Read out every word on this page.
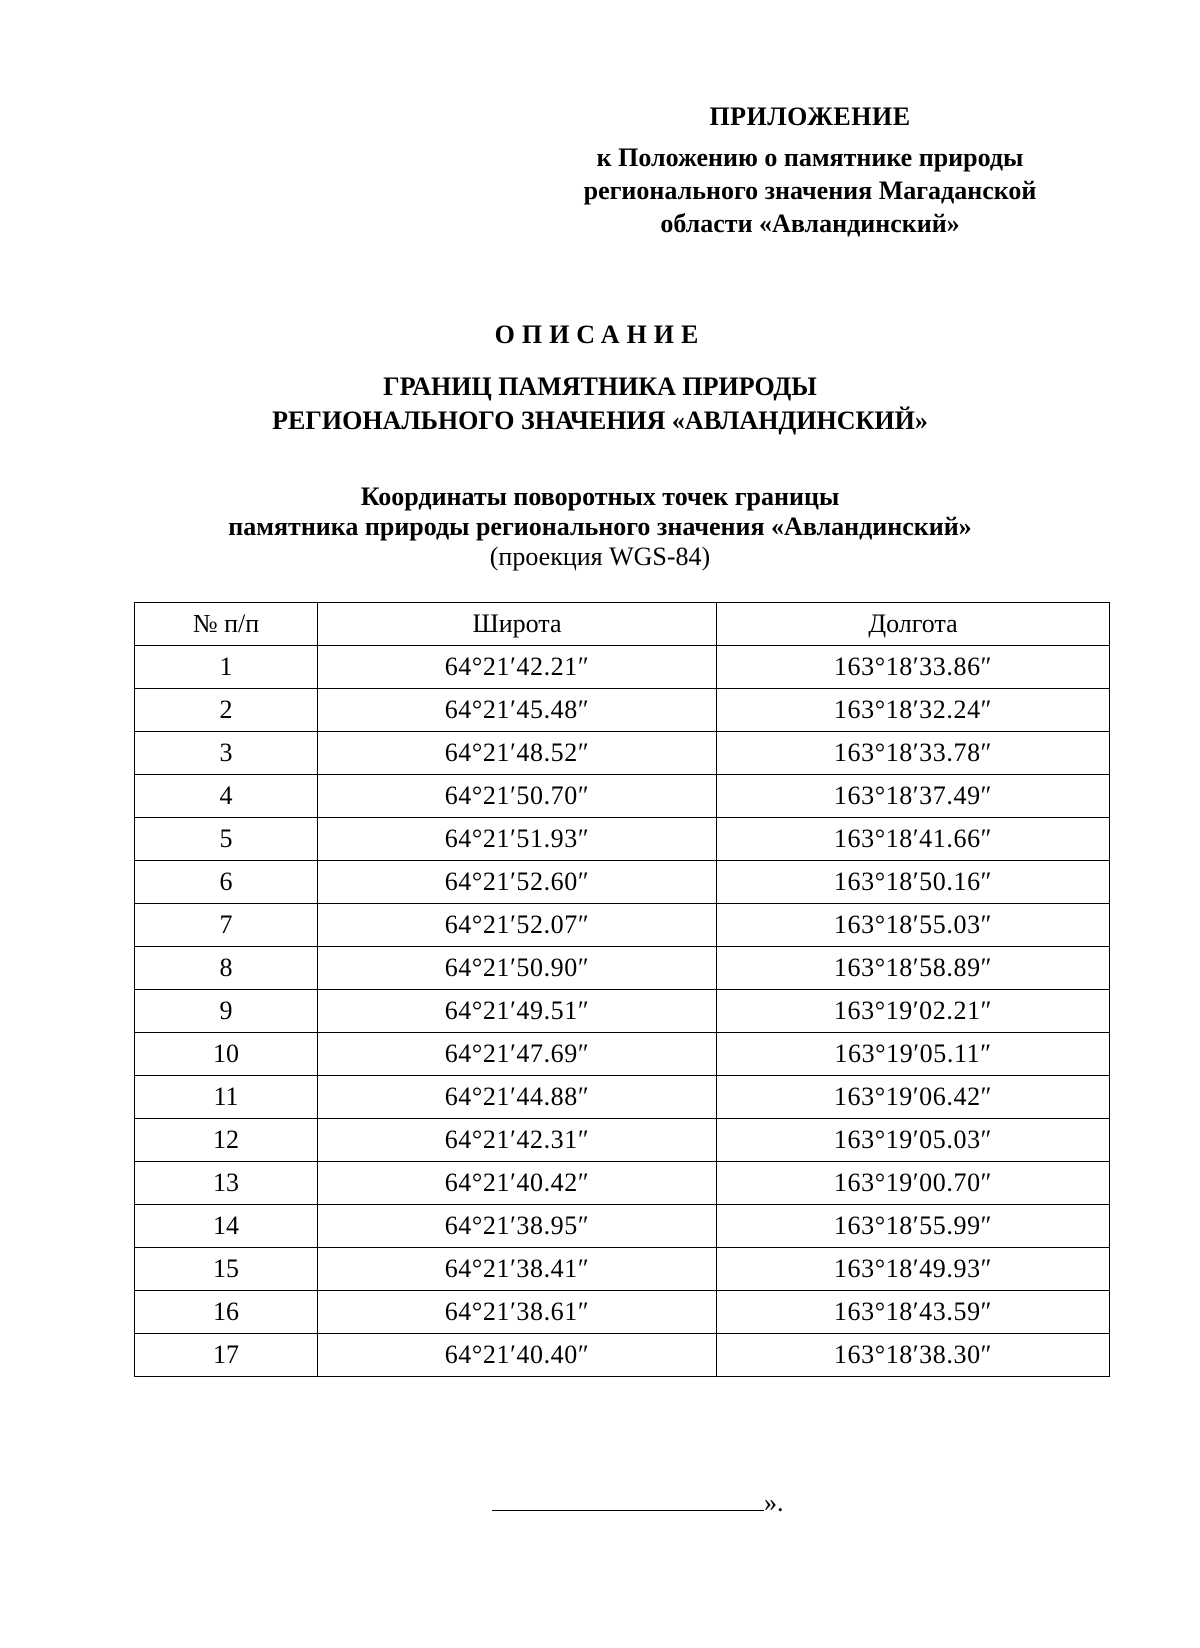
ПРИЛОЖЕНИЕ
к Положению о памятнике природы
регионального значения Магаданской
области «Авландинский»
ОПИСАНИЕ
ГРАНИЦ ПАМЯТНИКА ПРИРОДЫ
РЕГИОНАЛЬНОГО ЗНАЧЕНИЯ «АВЛАНДИНСКИЙ»
Координаты поворотных точек границы
памятника природы регионального значения «Авландинский»
(проекция WGS-84)
№ п/п	Широта	Долгота
1	64°21′42.21″	163°18′33.86″
2	64°21′45.48″	163°18′32.24″
3	64°21′48.52″	163°18′33.78″
4	64°21′50.70″	163°18′37.49″
5	64°21′51.93″	163°18′41.66″
6	64°21′52.60″	163°18′50.16″
7	64°21′52.07″	163°18′55.03″
8	64°21′50.90″	163°18′58.89″
9	64°21′49.51″	163°19′02.21″
10	64°21′47.69″	163°19′05.11″
11	64°21′44.88″	163°19′06.42″
12	64°21′42.31″	163°19′05.03″
13	64°21′40.42″	163°19′00.70″
14	64°21′38.95″	163°18′55.99″
15	64°21′38.41″	163°18′49.93″
16	64°21′38.61″	163°18′43.59″
17	64°21′40.40″	163°18′38.30″
».
